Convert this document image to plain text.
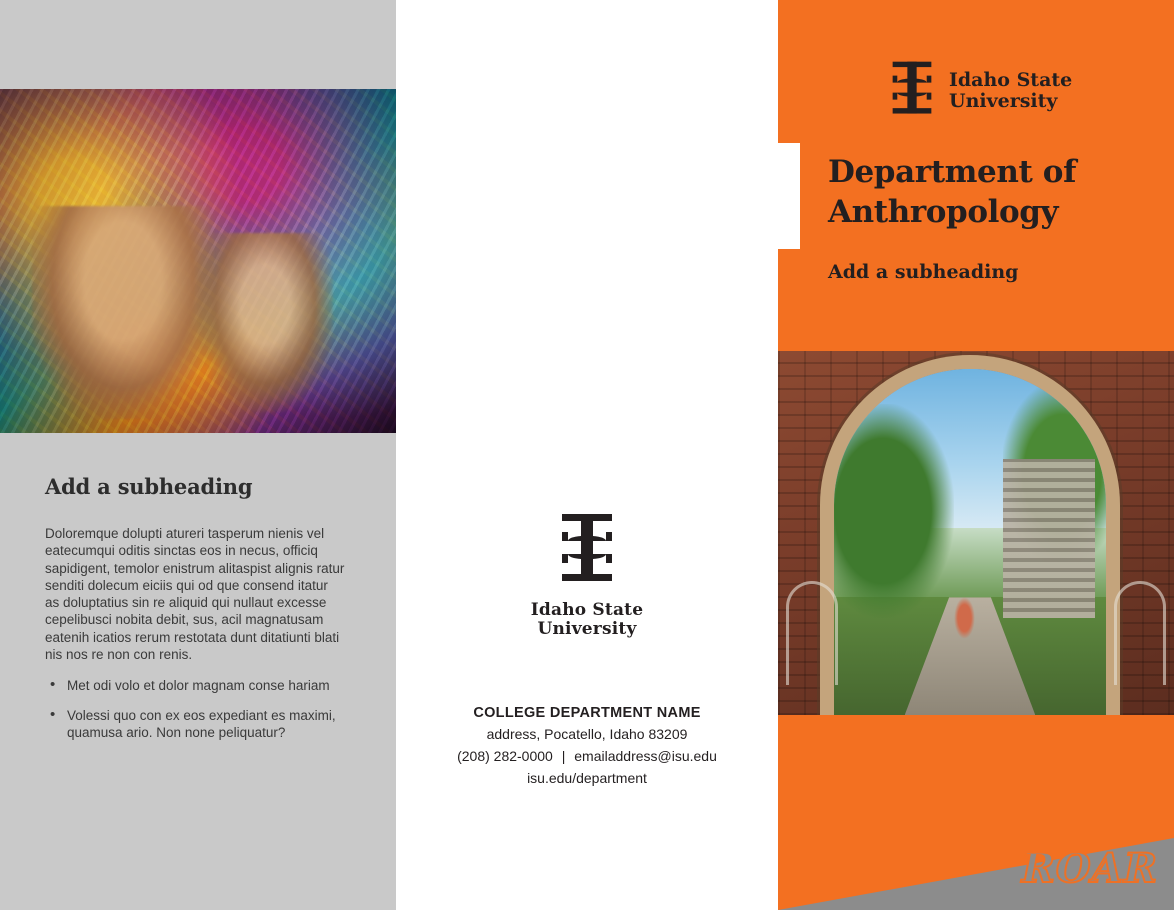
Add a subheading

Doloremque dolupti atureri tasperum nienis vel eatecumqui oditis sinctas eos in necus, officiq sapidigent, temolor enistrum alitaspist alignis ratur senditi dolecum eiciis qui od que consend itatur as doluptatius sin re aliquid qui nullaut excesse cepelibusci nobita debit, sus, acil magnatusam eatenih icatios rerum restotata dunt ditatiunti blati nis nos re non con renis.

• Met odi volo et dolor magnam conse hariam
• Volessi quo con ex eos expediant es maximi, quamusa ario. Non none peliquatur?
Idaho State
University
COLLEGE DEPARTMENT NAME
address, Pocatello, Idaho 83209
(208) 282-0000 | emailaddress@isu.edu
isu.edu/department
Idaho State
University
Department of
Anthropology
Add a subheading
ROAR
